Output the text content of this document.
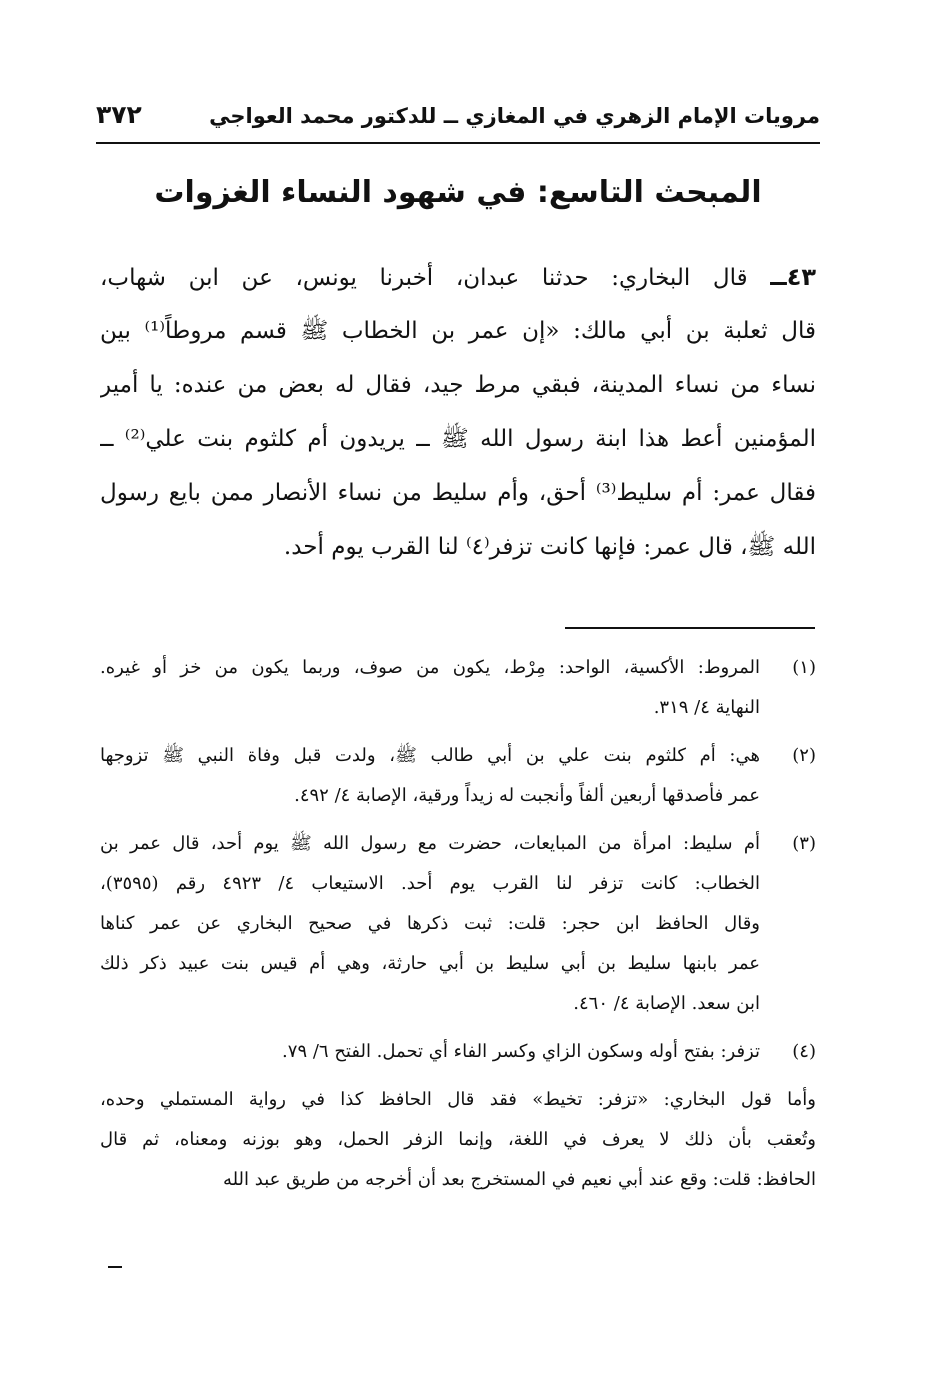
مرويات الإمام الزهري في المغازي ــ للدكتور محمد العواجي
٣٧٢
المبحث التاسع: في شهود النساء الغزوات
٤٣ــ قال البخاري: حدثنا عبدان، أخبرنا يونس، عن ابن شهاب،
قال ثعلبة بن أبي مالك: «إن عمر بن الخطاب ﷺ قسم مروطاً⁽¹⁾ بين
نساء من نساء المدينة، فبقي مرط جيد، فقال له بعض من عنده: يا أمير
المؤمنين أعط هذا ابنة رسول الله ﷺ ــ يريدون أم كلثوم بنت علي⁽²⁾ ــ
فقال عمر: أم سليط⁽³⁾ أحق، وأم سليط من نساء الأنصار ممن بايع رسول
الله ﷺ، قال عمر: فإنها كانت تزفر⁽٤⁾ لنا القرب يوم أحد.
(١)
المروط: الأكسية، الواحد: مِرْط، يكون من صوف، وربما يكون من خز أو غيره.
النهاية ٤/ ٣١٩.
(٢)
هي: أم كلثوم بنت علي بن أبي طالب ﷺ، ولدت قبل وفاة النبي ﷺ تزوجها
عمر فأصدقها أربعين ألفاً وأنجبت له زيداً ورقية، الإصابة ٤/ ٤٩٢.
(٣)
أم سليط: امرأة من المبايعات، حضرت مع رسول الله ﷺ يوم أحد، قال عمر بن
الخطاب: كانت تزفر لنا القرب يوم أحد. الاستيعاب ٤/ ٤٩٢٣ رقم (٣٥٩٥)،
وقال الحافظ ابن حجر: قلت: ثبت ذكرها في صحيح البخاري عن عمر كناها
عمر بابنها سليط بن أبي سليط بن أبي حارثة، وهي أم قيس بنت عبيد ذكر ذلك
ابن سعد. الإصابة ٤/ ٤٦٠.
(٤)
تزفر: بفتح أوله وسكون الزاي وكسر الفاء أي تحمل. الفتح ٦/ ٧٩.
وأما قول البخاري: «تزفر: تخيط» فقد قال الحافظ كذا في رواية المستملي وحده،
وتُعقب بأن ذلك لا يعرف في اللغة، وإنما الزفر الحمل، وهو بوزنه ومعناه، ثم قال
الحافظ: قلت: وقع عند أبي نعيم في المستخرج بعد أن أخرجه من طريق عبد الله
